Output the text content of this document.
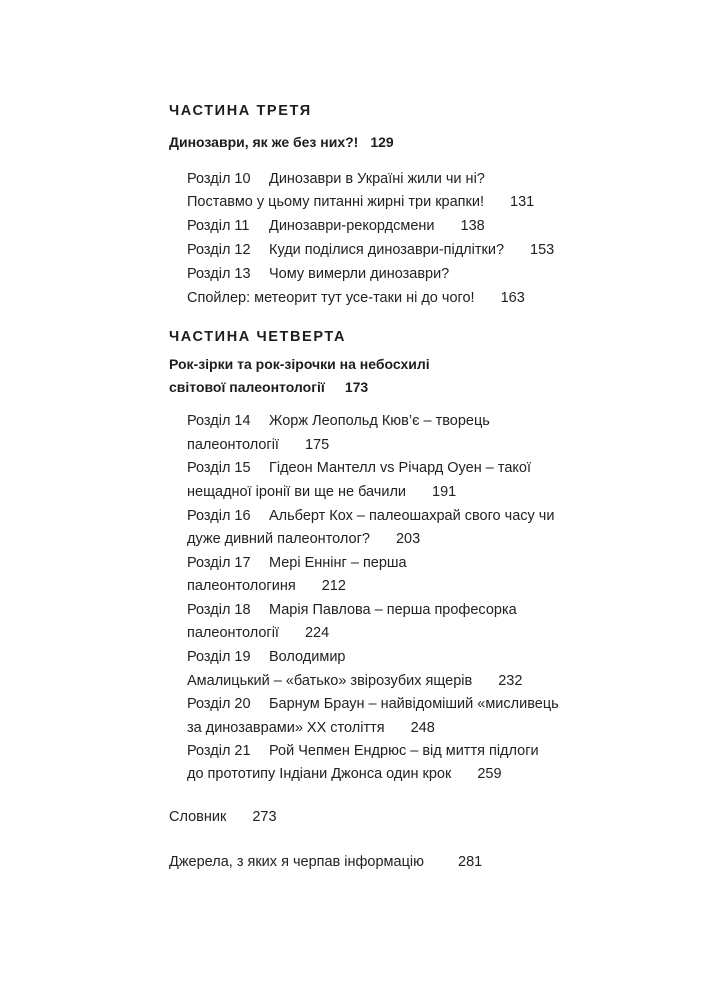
ЧАСТИНА ТРЕТЯ
Динозаври, як же без них?! 129
Розділ 10 Динозаври в Україні жили чи ні?
Поставмо у цьому питанні жирні три крапки! 131
Розділ 11 Динозаври-рекордсмени 138
Розділ 12 Куди поділися динозаври-підлітки? 153
Розділ 13 Чому вимерли динозаври?
Спойлер: метеорит тут усе-таки ні до чого! 163
ЧАСТИНА ЧЕТВЕРТА
Рок-зірки та рок-зірочки на небосхилі
світової палеонтології 173
Розділ 14 Жорж Леопольд Кюв’є – творець
палеонтології 175
Розділ 15 Гідеон Мантелл vs Річард Оуен – такої
нещадної іронії ви ще не бачили 191
Розділ 16 Альберт Кох – палеошахрай свого часу чи
дуже дивний палеонтолог? 203
Розділ 17 Мері Еннінг – перша
палеонтологиня 212
Розділ 18 Марія Павлова – перша професорка
палеонтології 224
Розділ 19 Володимир
Амалицький – «батько» звірозубих ящерів 232
Розділ 20 Барнум Браун – найвідоміший «мисливець
за динозаврами» XX століття 248
Розділ 21 Рой Чепмен Ендрюс – від миття підлоги
до прототипу Індіани Джонса один крок 259
Словник 273
Джерела, з яких я черпав інформацію 281
